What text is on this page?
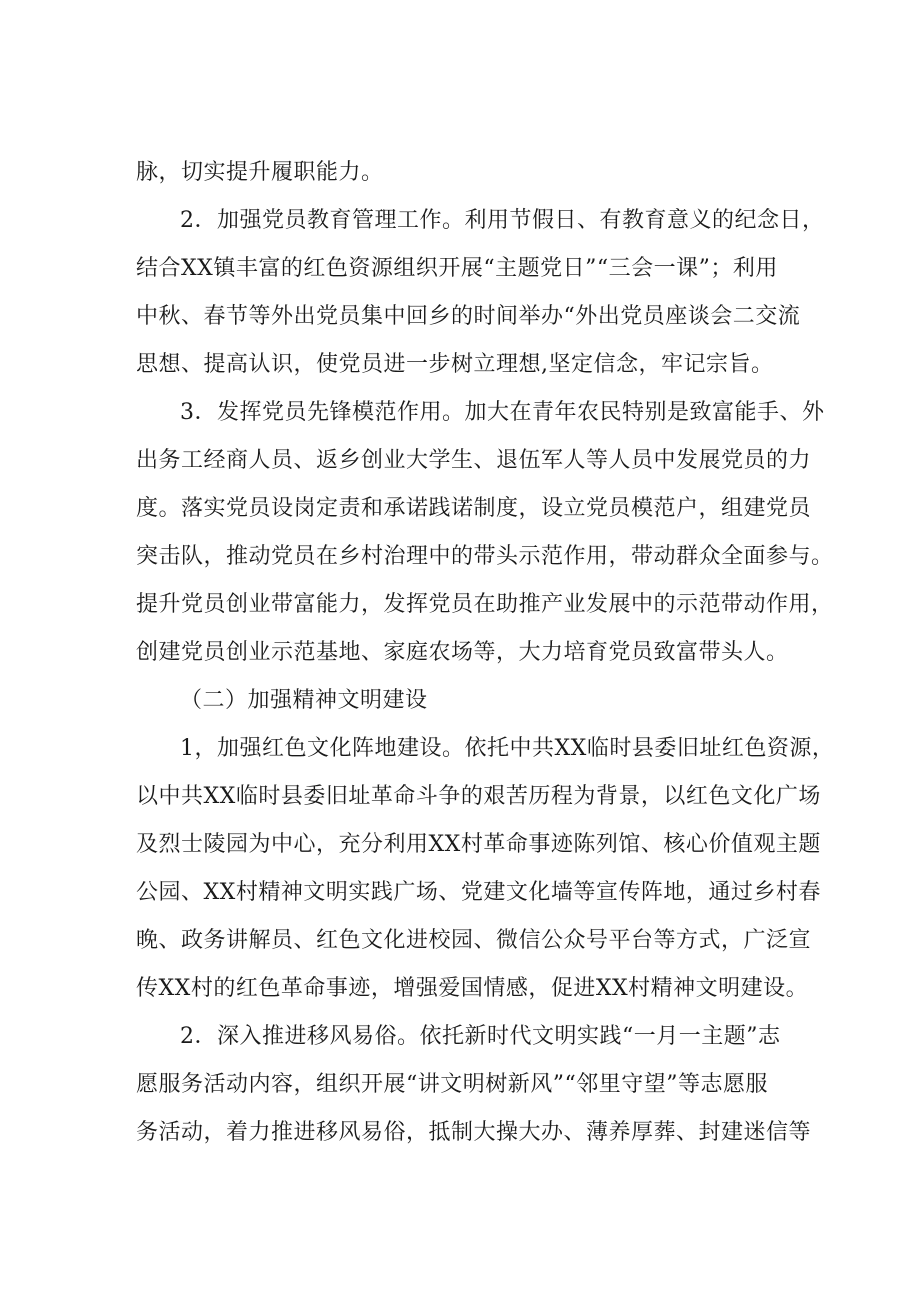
脉，切实提升履职能力。
2．加强党员教育管理工作。利用节假日、有教育意义的纪念日，
结合XX镇丰富的红色资源组织开展“主题党日”“三会一课”；利用
中秋、春节等外出党员集中回乡的时间举办“外出党员座谈会二交流
思想、提高认识，使党员进一步树立理想,坚定信念，牢记宗旨。
3．发挥党员先锋模范作用。加大在青年农民特别是致富能手、外
出务工经商人员、返乡创业大学生、退伍军人等人员中发展党员的力
度。落实党员设岗定责和承诺践诺制度，设立党员模范户，组建党员
突击队，推动党员在乡村治理中的带头示范作用，带动群众全面参与。
提升党员创业带富能力，发挥党员在助推产业发展中的示范带动作用，
创建党员创业示范基地、家庭农场等，大力培育党员致富带头人。
（二）加强精神文明建设
1，加强红色文化阵地建设。依托中共XX临时县委旧址红色资源，
以中共XX临时县委旧址革命斗争的艰苦历程为背景，以红色文化广场
及烈士陵园为中心，充分利用XX村革命事迹陈列馆、核心价值观主题
公园、XX村精神文明实践广场、党建文化墙等宣传阵地，通过乡村春
晚、政务讲解员、红色文化进校园、微信公众号平台等方式，广泛宣
传XX村的红色革命事迹，增强爱国情感，促进XX村精神文明建设。
2．深入推进移风易俗。依托新时代文明实践“一月一主题”志
愿服务活动内容，组织开展“讲文明树新风”“邻里守望”等志愿服
务活动，着力推进移风易俗，抵制大操大办、薄养厚葬、封建迷信等
